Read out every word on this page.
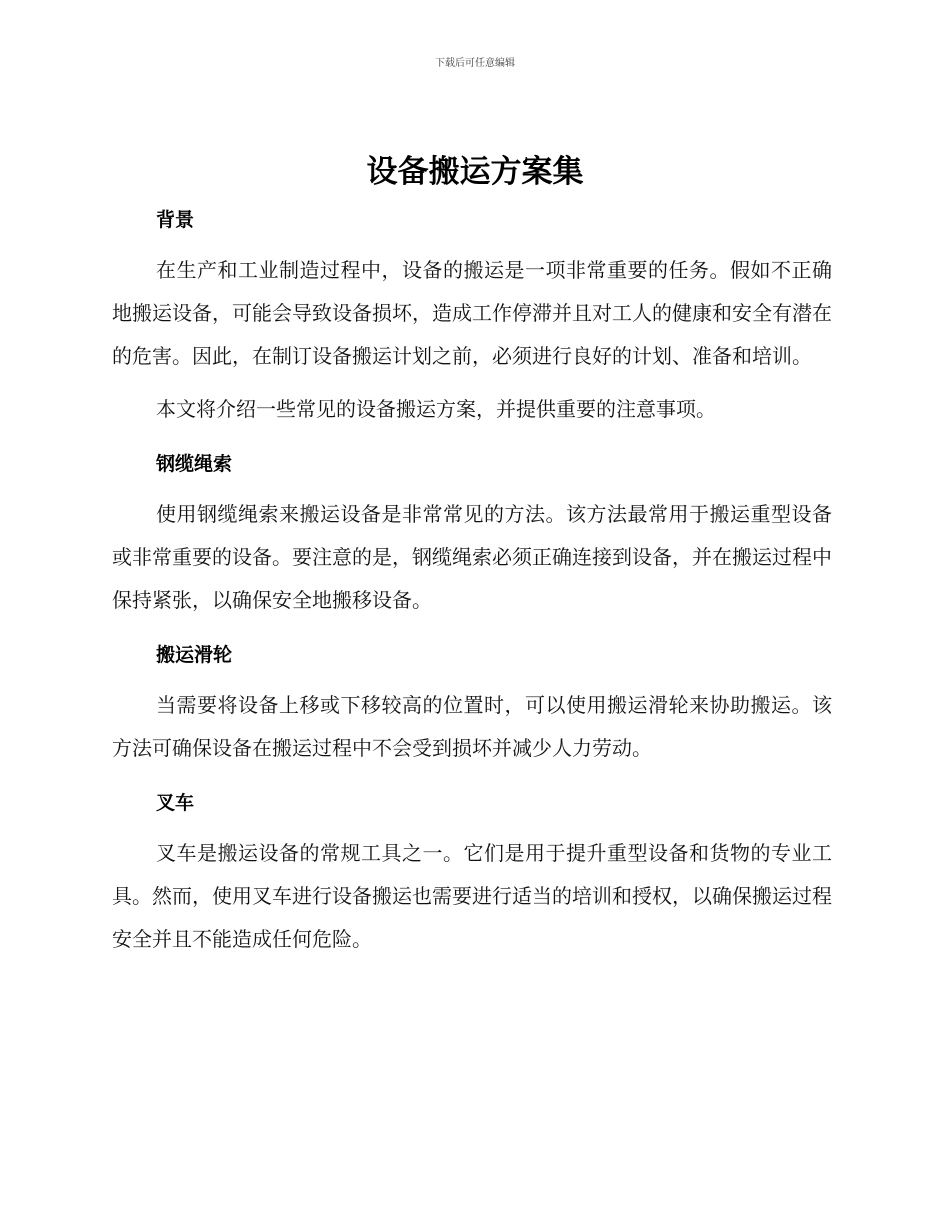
下载后可任意编辑
设备搬运方案集
背景

在生产和工业制造过程中，设备的搬运是一项非常重要的任务。假如不正确地搬运设备，可能会导致设备损坏，造成工作停滞并且对工人的健康和安全有潜在的危害。因此，在制订设备搬运计划之前，必须进行良好的计划、准备和培训。

本文将介绍一些常见的设备搬运方案，并提供重要的注意事项。

钢缆绳索

使用钢缆绳索来搬运设备是非常常见的方法。该方法最常用于搬运重型设备或非常重要的设备。要注意的是，钢缆绳索必须正确连接到设备，并在搬运过程中保持紧张，以确保安全地搬移设备。

搬运滑轮

当需要将设备上移或下移较高的位置时，可以使用搬运滑轮来协助搬运。该方法可确保设备在搬运过程中不会受到损坏并减少人力劳动。

叉车

叉车是搬运设备的常规工具之一。它们是用于提升重型设备和货物的专业工具。然而，使用叉车进行设备搬运也需要进行适当的培训和授权，以确保搬运过程安全并且不能造成任何危险。
